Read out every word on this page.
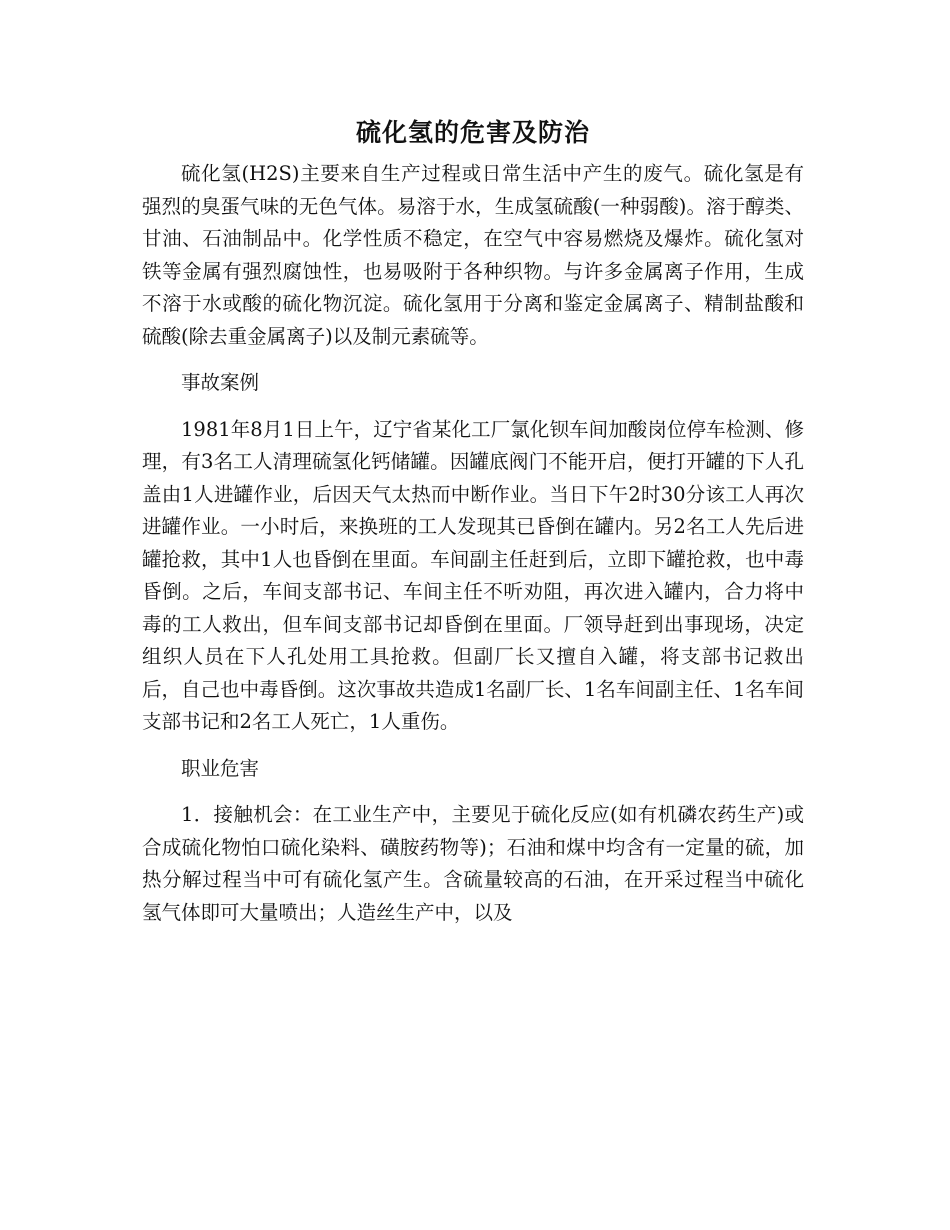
硫化氢的危害及防治

硫化氢(H2S)主要来自生产过程或日常生活中产生的废气。硫化氢是有强烈的臭蛋气味的无色气体。易溶于水，生成氢硫酸(一种弱酸)。溶于醇类、甘油、石油制品中。化学性质不稳定，在空气中容易燃烧及爆炸。硫化氢对铁等金属有强烈腐蚀性，也易吸附于各种织物。与许多金属离子作用，生成不溶于水或酸的硫化物沉淀。硫化氢用于分离和鉴定金属离子、精制盐酸和硫酸(除去重金属离子)以及制元素硫等。

事故案例

1981年8月1日上午，辽宁省某化工厂氯化钡车间加酸岗位停车检测、修理，有3名工人清理硫氢化钙储罐。因罐底阀门不能开启，便打开罐的下人孔盖由1人进罐作业，后因天气太热而中断作业。当日下午2时30分该工人再次进罐作业。一小时后，来换班的工人发现其已昏倒在罐内。另2名工人先后进罐抢救，其中1人也昏倒在里面。车间副主任赶到后，立即下罐抢救，也中毒昏倒。之后，车间支部书记、车间主任不听劝阻，再次进入罐内，合力将中毒的工人救出，但车间支部书记却昏倒在里面。厂领导赶到出事现场，决定组织人员在下人孔处用工具抢救。但副厂长又擅自入罐，将支部书记救出后，自己也中毒昏倒。这次事故共造成1名副厂长、1名车间副主任、1名车间支部书记和2名工人死亡，1人重伤。

职业危害

1．接触机会：在工业生产中，主要见于硫化反应(如有机磷农药生产)或合成硫化物怕口硫化染料、磺胺药物等)；石油和煤中均含有一定量的硫，加热分解过程当中可有硫化氢产生。含硫量较高的石油，在开采过程当中硫化氢气体即可大量喷出；人造丝生产中，以及
